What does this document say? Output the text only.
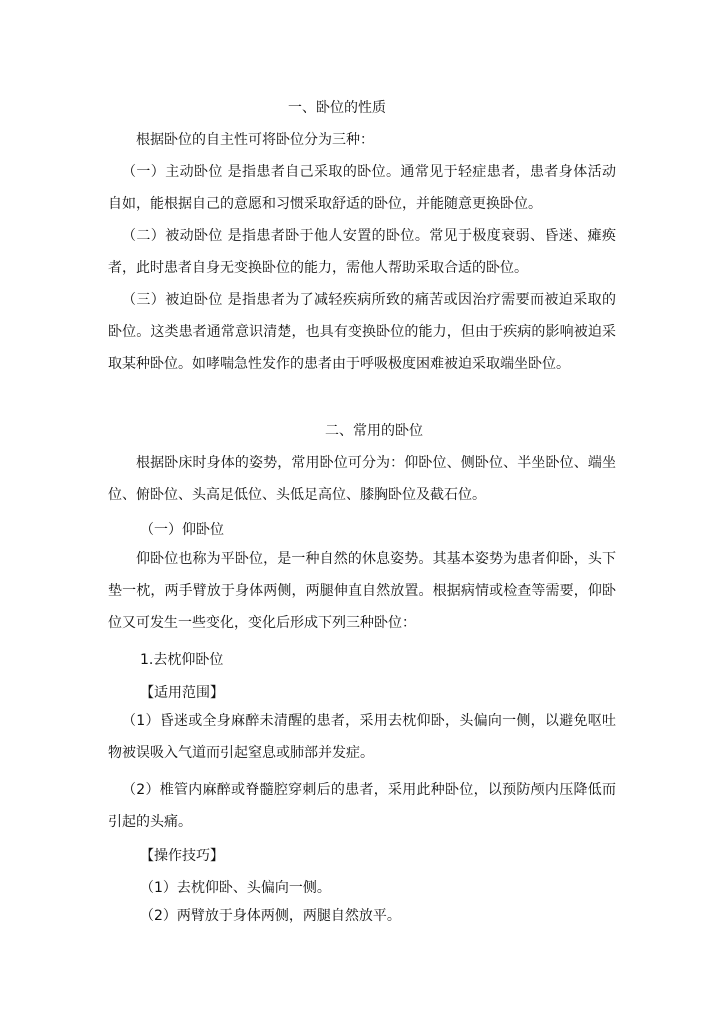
一、卧位的性质

根据卧位的自主性可将卧位分为三种：

（一）主动卧位 是指患者自己采取的卧位。通常见于轻症患者，患者身体活动自如，能根据自己的意愿和习惯采取舒适的卧位，并能随意更换卧位。

（二）被动卧位 是指患者卧于他人安置的卧位。常见于极度衰弱、昏迷、瘫痪者，此时患者自身无变换卧位的能力，需他人帮助采取合适的卧位。

（三）被迫卧位 是指患者为了减轻疾病所致的痛苦或因治疗需要而被迫采取的卧位。这类患者通常意识清楚，也具有变换卧位的能力，但由于疾病的影响被迫采取某种卧位。如哮喘急性发作的患者由于呼吸极度困难被迫采取端坐卧位。

二、常用的卧位

根据卧床时身体的姿势，常用卧位可分为：仰卧位、侧卧位、半坐卧位、端坐位、俯卧位、头高足低位、头低足高位、膝胸卧位及截石位。

（一）仰卧位

仰卧位也称为平卧位，是一种自然的休息姿势。其基本姿势为患者仰卧，头下垫一枕，两手臂放于身体两侧，两腿伸直自然放置。根据病情或检查等需要，仰卧位又可发生一些变化，变化后形成下列三种卧位：

1.去枕仰卧位
【适用范围】

（1）昏迷或全身麻醉未清醒的患者，采用去枕仰卧，头偏向一侧，以避免呕吐物被误吸入气道而引起窒息或肺部并发症。

（2）椎管内麻醉或脊髓腔穿刺后的患者，采用此种卧位，以预防颅内压降低而引起的头痛。

【操作技巧】
（1）去枕仰卧、头偏向一侧。
（2）两臂放于身体两侧，两腿自然放平。
